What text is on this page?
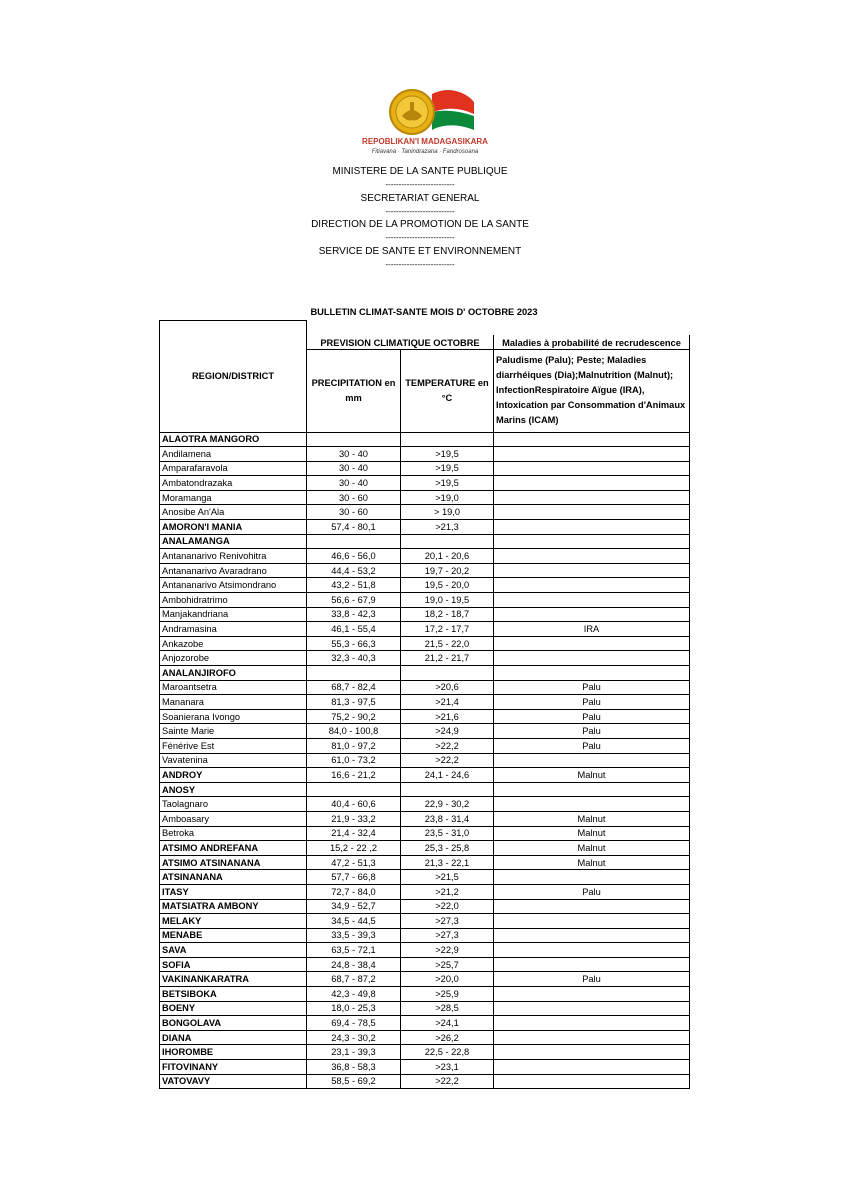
REPOBLIKAN'I MADAGASIKARA
Fitiavana · Tanindrazana · Fandrosoana
MINISTERE DE LA SANTE PUBLIQUE
--------------------------
SECRETARIAT GENERAL
--------------------------
DIRECTION DE LA PROMOTION DE LA SANTE
--------------------------
SERVICE DE SANTE ET ENVIRONNEMENT
--------------------------
BULLETIN CLIMAT-SANTE MOIS D' OCTOBRE 2023
REGION/DISTRICT			
	PREVISION CLIMATIQUE OCTOBRE		Maladies à probabilité de recrudescence
	PRECIPITATION en mm	TEMPERATURE en °C	Paludisme (Palu); Peste; Maladies diarrhéiques (Dia);Malnutrition (Malnut); InfectionRespiratoire Aïgue (IRA), Intoxication par Consommation d'Animaux Marins (ICAM)
ALAOTRA MANGORO			
Andilamena	30 - 40	>19,5	
Amparafaravola	30 - 40	>19,5	
Ambatondrazaka	30 - 40	>19,5	
Moramanga	30 - 60	>19,0	
Anosibe An'Ala	30 - 60	> 19,0	
AMORON'I MANIA	57,4 - 80,1	>21,3	
ANALAMANGA			
Antananarivo Renivohitra	46,6 - 56,0	20,1 - 20,6	
Antananarivo Avaradrano	44,4 - 53,2	19,7 - 20,2	
Antananarivo Atsimondrano	43,2 - 51,8	19,5 - 20,0	
Ambohidratrimo	56,6 - 67,9	19,0 - 19,5	
Manjakandriana	33,8 - 42,3	18,2 - 18,7	
Andramasina	46,1 - 55,4	17,2 - 17,7	IRA
Ankazobe	55,3 - 66,3	21,5 - 22,0	
Anjozorobe	32,3 - 40,3	21,2 - 21,7	
ANALANJIROFO			
Maroantsetra	68,7 - 82,4	>20,6	Palu
Mananara	81,3 - 97,5	>21,4	Palu
Soanierana Ivongo	75,2 - 90,2	>21,6	Palu
Sainte Marie	84,0 - 100,8	>24,9	Palu
Fénérive Est	81,0 - 97,2	>22,2	Palu
Vavatenina	61,0 - 73,2	>22,2	
ANDROY	16,6 - 21,2	24,1 - 24,6	Malnut
ANOSY			
Taolagnaro	40,4 - 60,6	22,9 - 30,2	
Amboasary	21,9 - 33,2	23,8 - 31,4	Malnut
Betroka	21,4 - 32,4	23,5 - 31,0	Malnut
ATSIMO ANDREFANA	15,2 - 22 ,2	25,3 - 25,8	Malnut
ATSIMO ATSINANANA	47,2 - 51,3	21,3 - 22,1	Malnut
ATSINANANA	57,7 - 66,8	>21,5	
ITASY	72,7 - 84,0	>21,2	Palu
MATSIATRA AMBONY	34,9 - 52,7	>22,0	
MELAKY	34,5 - 44,5	>27,3	
MENABE	33,5 - 39,3	>27,3	
SAVA	63,5 - 72,1	>22,9	
SOFIA	24,8 - 38,4	>25,7	
VAKINANKARATRA	68,7 - 87,2	>20,0	Palu
BETSIBOKA	42,3 - 49,8	>25,9	
BOENY	18,0 - 25,3	>28,5	
BONGOLAVA	69,4 - 78,5	>24,1	
DIANA	24,3 - 30,2	>26,2	
IHOROMBE	23,1 - 39,3	22,5 - 22,8	
FITOVINANY	36,8 - 58,3	>23,1	
VATOVAVY	58,5 - 69,2	>22,2	
